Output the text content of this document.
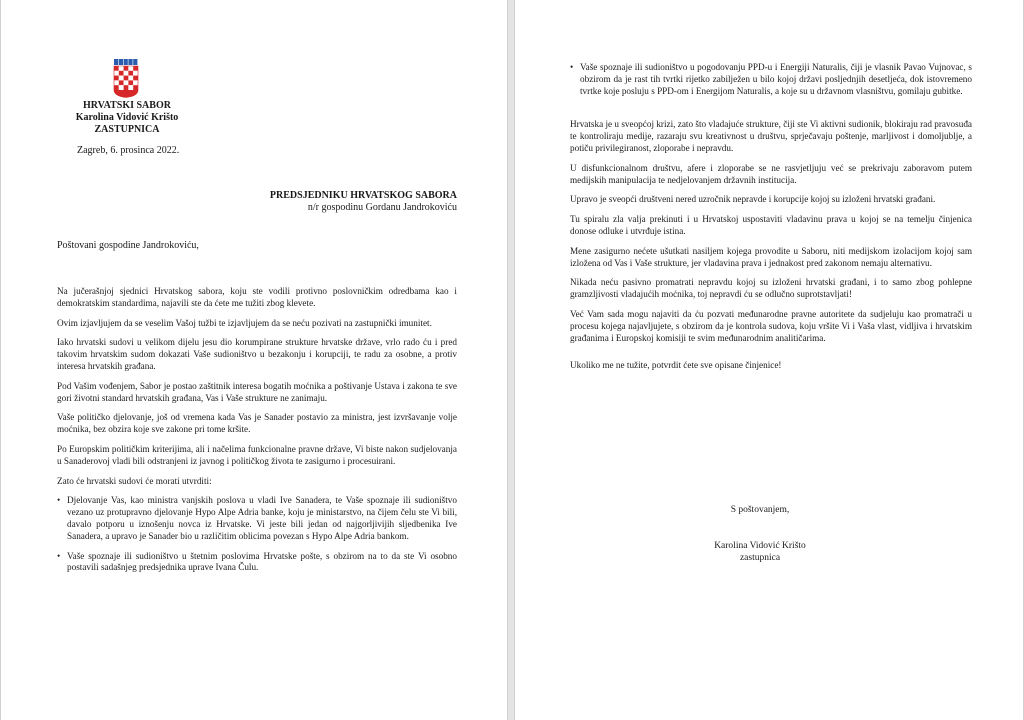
HRVATSKI SABOR
Karolina Vidović Krišto
ZASTUPNICA
Zagreb, 6. prosinca 2022.
PREDSJEDNIKU HRVATSKOG SABORA
n/r gospodinu Gordanu Jandrokoviću
Poštovani gospodine Jandrokoviću,

Na jučerašnjoj sjednici Hrvatskog sabora, koju ste vodili protivno poslovničkim odredbama kao i demokratskim standardima, najavili ste da ćete me tužiti zbog klevete.

Ovim izjavljujem da se veselim Vašoj tužbi te izjavljujem da se neću pozivati na zastupnički imunitet.

Iako hrvatski sudovi u velikom dijelu jesu dio korumpirane strukture hrvatske države, vrlo rado ću i pred takovim hrvatskim sudom dokazati Vaše sudioništvo u bezakonju i korupciji, te radu za osobne, a protiv interesa hrvatskih građana.

Pod Vašim vođenjem, Sabor je postao zaštitnik interesa bogatih moćnika a poštivanje Ustava i zakona te sve gori životni standard hrvatskih građana, Vas i Vaše strukture ne zanimaju.

Vaše političko djelovanje, još od vremena kada Vas je Sanader postavio za ministra, jest izvršavanje volje moćnika, bez obzira koje sve zakone pri tome kršite.

Po Europskim političkim kriterijima, ali i načelima funkcionalne pravne države, Vi biste nakon sudjelovanja u Sanaderovoj vladi bili odstranjeni iz javnog i političkog života te zasigurno i procesuirani.

Zato će hrvatski sudovi će morati utvrditi:

• Djelovanje Vas, kao ministra vanjskih poslova u vladi Ive Sanadera, te Vaše spoznaje ili sudioništvo vezano uz protupravno djelovanje Hypo Alpe Adria banke, koju je ministarstvo, na čijem čelu ste Vi bili, davalo potporu u iznošenju novca iz Hrvatske. Vi jeste bili jedan od najgorljivijih sljedbenika Ive Sanadera, a upravo je Sanader bio u različitim oblicima povezan s Hypo Alpe Adria bankom.

• Vaše spoznaje ili sudioništvo u štetnim poslovima Hrvatske pošte, s obzirom na to da ste Vi osobno postavili sadašnjeg predsjednika uprave Ivana Čulu.

• Vaše spoznaje ili sudioništvo u pogodovanju PPD-u i Energiji Naturalis, čiji je vlasnik Pavao Vujnovac, s obzirom da je rast tih tvrtki rijetko zabilježen u bilo kojoj državi posljednjih desetljeća, dok istovremeno tvrtke koje posluju s PPD-om i Energijom Naturalis, a koje su u državnom vlasništvu, gomilaju gubitke.

Hrvatska je u sveopćoj krizi, zato što vladajuće strukture, čiji ste Vi aktivni sudionik, blokiraju rad pravosuđa te kontroliraju medije, razaraju svu kreativnost u društvu, sprječavaju poštenje, marljivost i domoljublje, a potiču privilegiranost, zloporabe i nepravdu.

U disfunkcionalnom društvu, afere i zloporabe se ne rasvjetljuju već se prekrivaju zaboravom putem medijskih manipulacija te nedjelovanjem državnih institucija.

Upravo je sveopći društveni nered uzročnik nepravde i korupcije kojoj su izloženi hrvatski građani.

Tu spiralu zla valja prekinuti i u Hrvatskoj uspostaviti vladavinu prava u kojoj se na temelju činjenica donose odluke i utvrđuje istina.

Mene zasigurno nećete ušutkati nasiljem kojega provodite u Saboru, niti medijskom izolacijom kojoj sam izložena od Vas i Vaše strukture, jer vladavina prava i jednakost pred zakonom nemaju alternativu.

Nikada neću pasivno promatrati nepravdu kojoj su izloženi hrvatski građani, i to samo zbog pohlepne gramzljivosti vladajućih moćnika, toj nepravdi ću se odlučno suprotstavljati!

Već Vam sada mogu najaviti da ću pozvati međunarodne pravne autoritete da sudjeluju kao promatrači u procesu kojega najavljujete, s obzirom da je kontrola sudova, koju vršite Vi i Vaša vlast, vidljiva i hrvatskim građanima i Europskoj komisiji te svim međunarodnim analitičarima.

Ukoliko me ne tužite, potvrdit ćete sve opisane činjenice!

S poštovanjem,
Karolina Vidović Krišto
zastupnica
